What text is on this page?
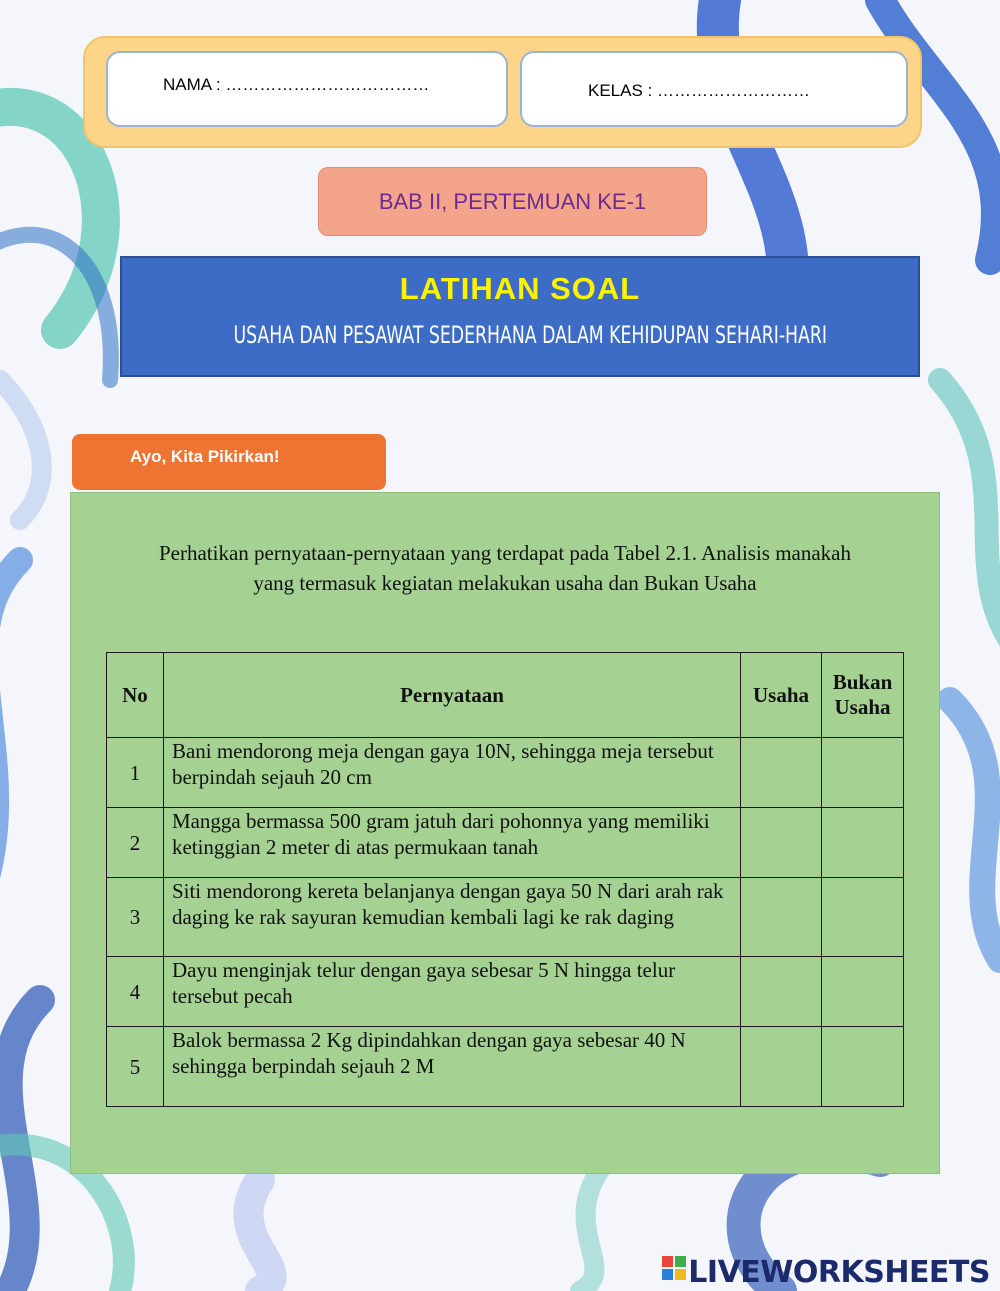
NAMA : ………………………………	KELAS : ………………………
BAB II, PERTEMUAN KE-1
LATIHAN SOAL
USAHA DAN PESAWAT SEDERHANA DALAM KEHIDUPAN SEHARI-HARI
Ayo, Kita Pikirkan!
Perhatikan pernyataan-pernyataan yang terdapat pada Tabel 2.1. Analisis manakah
yang termasuk kegiatan melakukan usaha dan Bukan Usaha
No	Pernyataan	Usaha	Bukan Usaha
1	Bani mendorong meja dengan gaya 10N, sehingga meja tersebut berpindah sejauh 20 cm		
2	Mangga bermassa 500 gram jatuh dari pohonnya yang memiliki ketinggian 2 meter di atas permukaan tanah		
3	Siti mendorong kereta belanjanya dengan gaya 50 N dari arah rak daging ke rak sayuran kemudian kembali lagi ke rak daging		
4	Dayu menginjak telur dengan gaya sebesar 5 N hingga telur tersebut pecah		
5	Balok bermassa 2 Kg dipindahkan dengan gaya sebesar 40 N sehingga berpindah sejauh 2 M		
LIVEWORKSHEETS
